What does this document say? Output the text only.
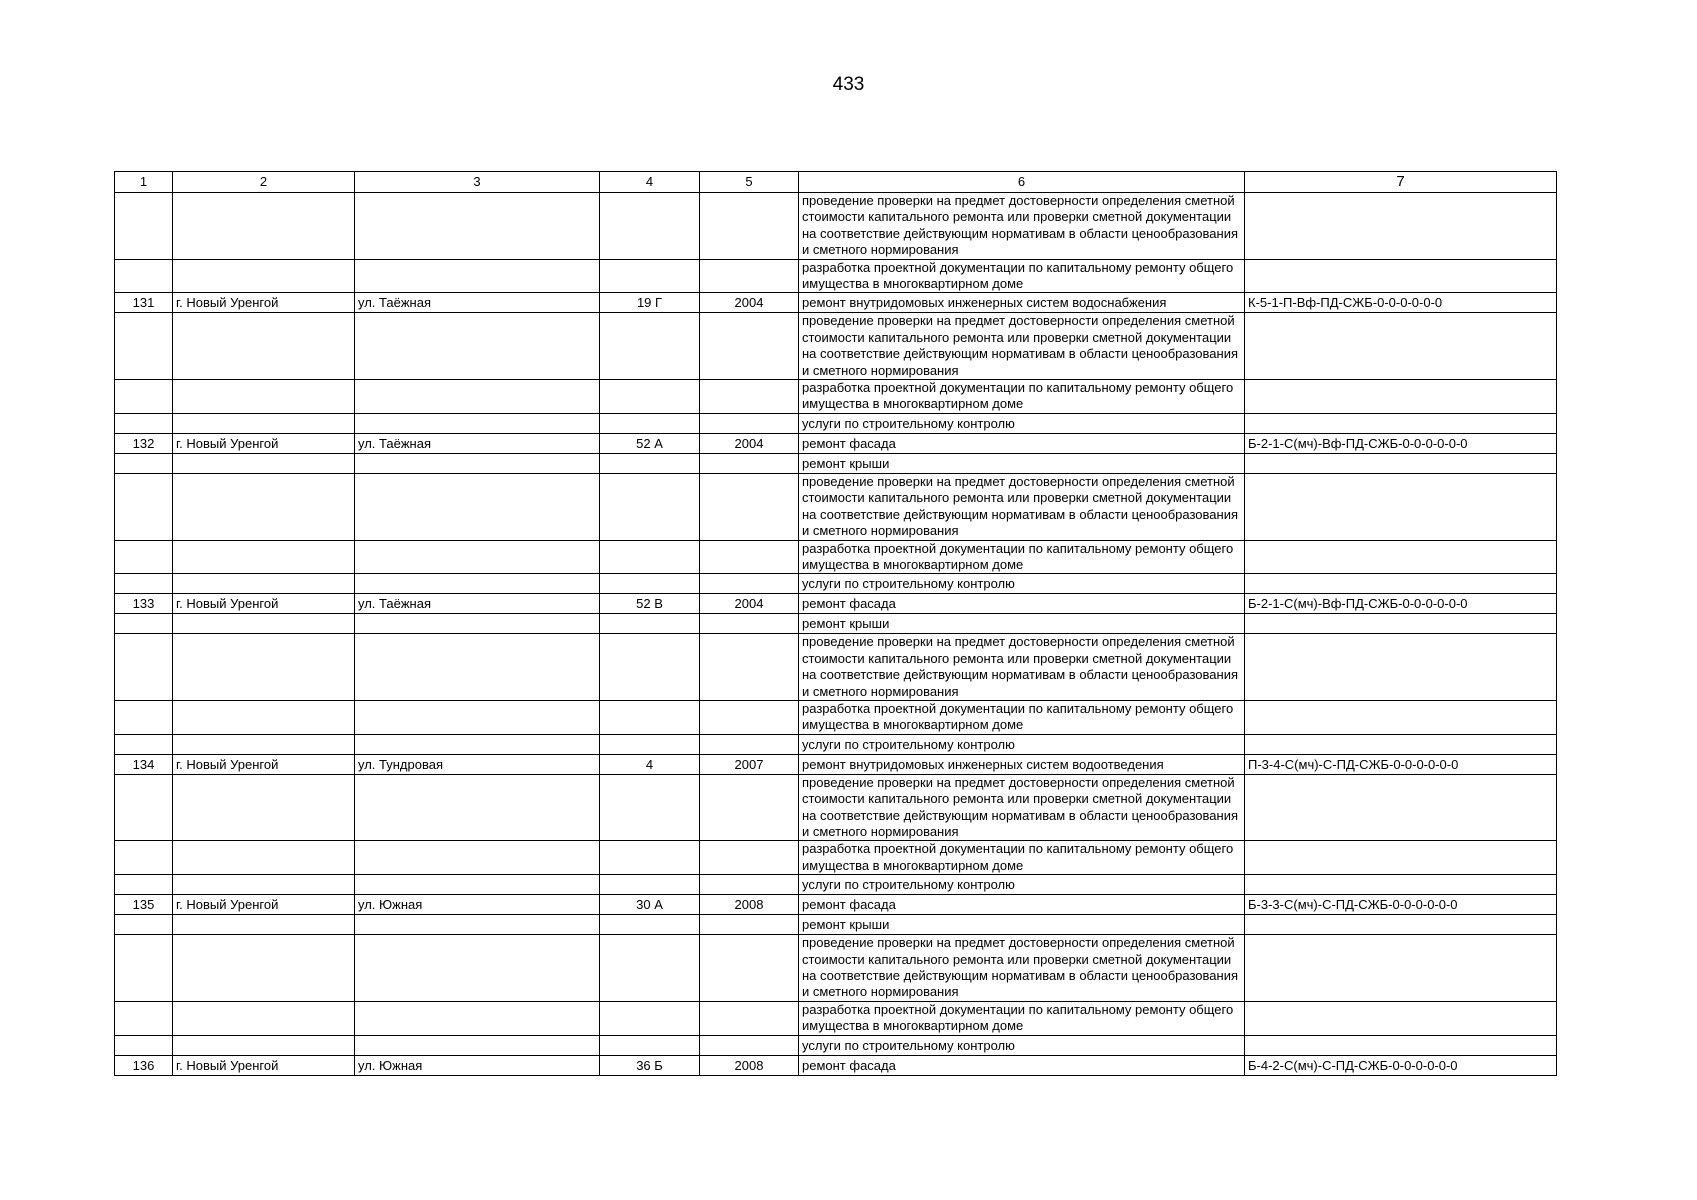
433
1	2	3	4	5	6	7
					проведение проверки на предмет достоверности определения сметной стоимости капитального ремонта или проверки сметной документации на соответствие действующим нормативам в области ценообразования и сметного нормирования	
					разработка проектной документации по капитальному ремонту общего имущества в многоквартирном доме	
131	г. Новый Уренгой	ул. Таёжная	19 Г	2004	ремонт внутридомовых инженерных систем водоснабжения	К-5-1-П-Вф-ПД-СЖБ-0-0-0-0-0-0
					проведение проверки на предмет достоверности определения сметной стоимости капитального ремонта или проверки сметной документации на соответствие действующим нормативам в области ценообразования и сметного нормирования	
					разработка проектной документации по капитальному ремонту общего имущества в многоквартирном доме	
					услуги по строительному контролю	
132	г. Новый Уренгой	ул. Таёжная	52 А	2004	ремонт фасада	Б-2-1-С(мч)-Вф-ПД-СЖБ-0-0-0-0-0-0
					ремонт крыши	
					проведение проверки на предмет достоверности определения сметной стоимости капитального ремонта или проверки сметной документации на соответствие действующим нормативам в области ценообразования и сметного нормирования	
					разработка проектной документации по капитальному ремонту общего имущества в многоквартирном доме	
					услуги по строительному контролю	
133	г. Новый Уренгой	ул. Таёжная	52 В	2004	ремонт фасада	Б-2-1-С(мч)-Вф-ПД-СЖБ-0-0-0-0-0-0
					ремонт крыши	
					проведение проверки на предмет достоверности определения сметной стоимости капитального ремонта или проверки сметной документации на соответствие действующим нормативам в области ценообразования и сметного нормирования	
					разработка проектной документации по капитальному ремонту общего имущества в многоквартирном доме	
					услуги по строительному контролю	
134	г. Новый Уренгой	ул. Тундровая	4	2007	ремонт внутридомовых инженерных систем водоотведения	П-3-4-С(мч)-С-ПД-СЖБ-0-0-0-0-0-0
					проведение проверки на предмет достоверности определения сметной стоимости капитального ремонта или проверки сметной документации на соответствие действующим нормативам в области ценообразования и сметного нормирования	
					разработка проектной документации по капитальному ремонту общего имущества в многоквартирном доме	
					услуги по строительному контролю	
135	г. Новый Уренгой	ул. Южная	30 А	2008	ремонт фасада	Б-3-3-С(мч)-С-ПД-СЖБ-0-0-0-0-0-0
					ремонт крыши	
					проведение проверки на предмет достоверности определения сметной стоимости капитального ремонта или проверки сметной документации на соответствие действующим нормативам в области ценообразования и сметного нормирования	
					разработка проектной документации по капитальному ремонту общего имущества в многоквартирном доме	
					услуги по строительному контролю	
136	г. Новый Уренгой	ул. Южная	36 Б	2008	ремонт фасада	Б-4-2-С(мч)-С-ПД-СЖБ-0-0-0-0-0-0
